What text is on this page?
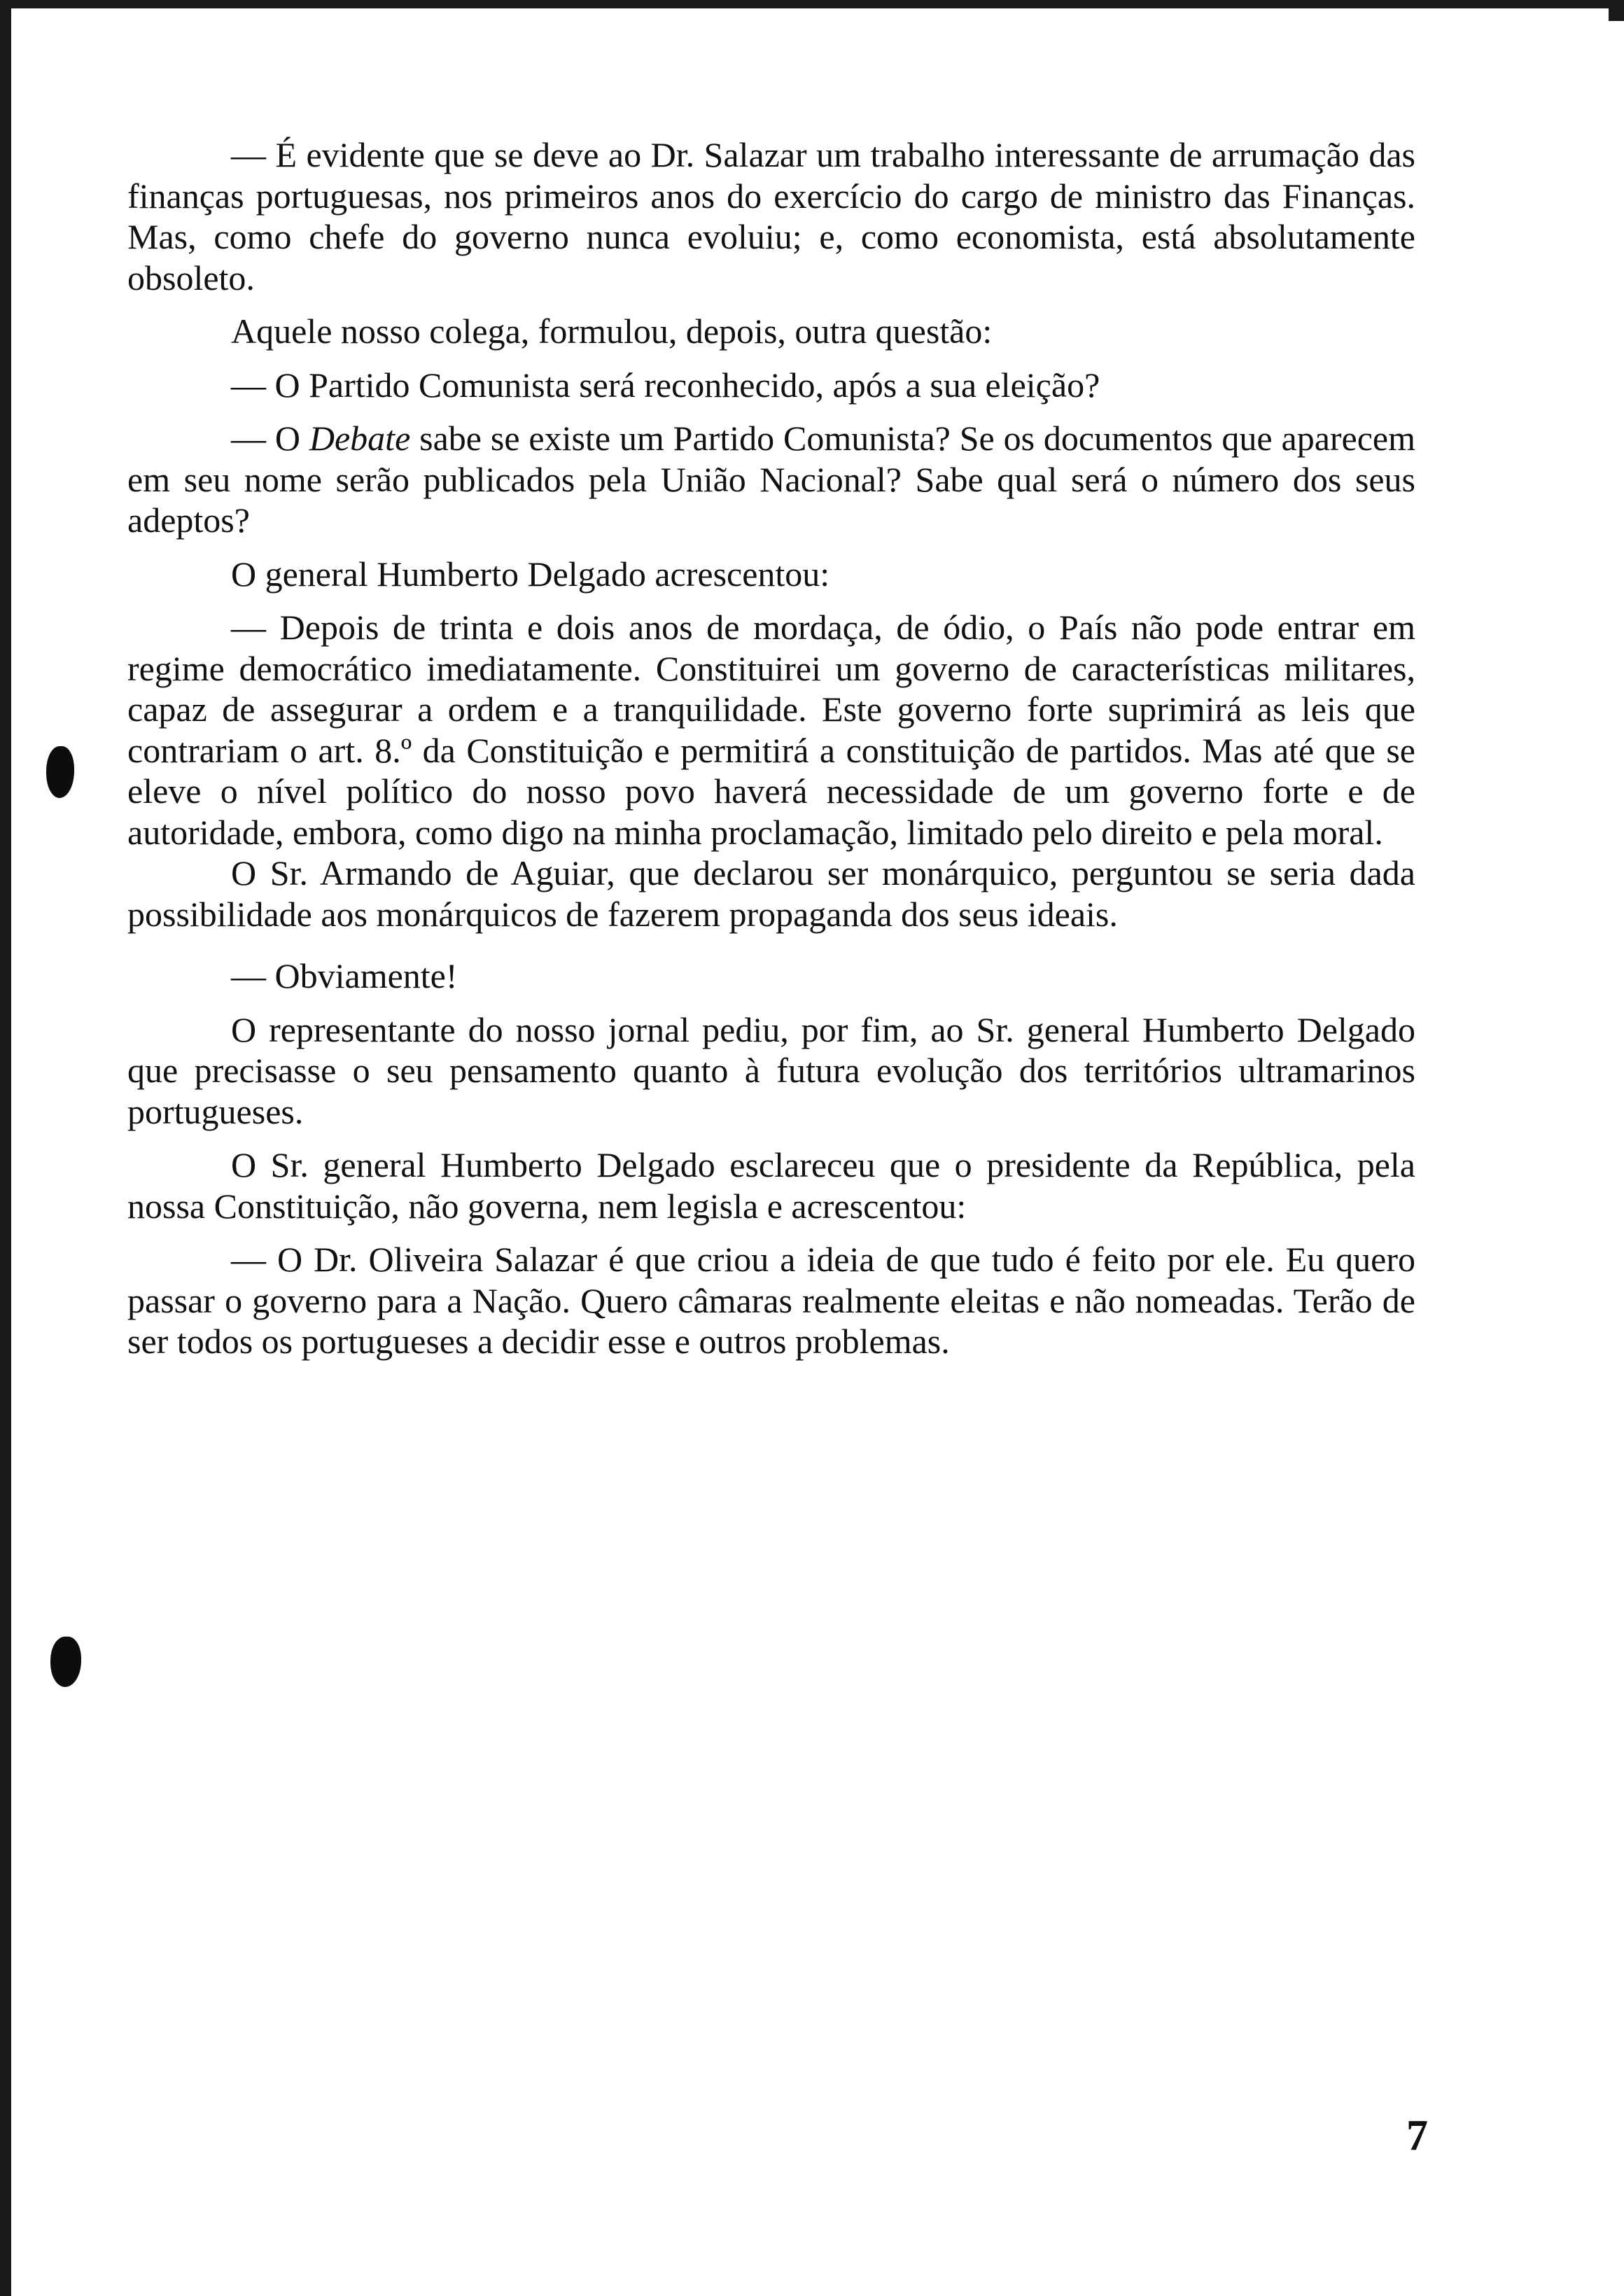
— É evidente que se deve ao Dr. Salazar um trabalho interessante de arrumação das finanças portuguesas, nos primeiros anos do exercício do cargo de ministro das Finanças. Mas, como chefe do governo nunca evoluiu; e, como economista, está absolutamente obsoleto.

Aquele nosso colega, formulou, depois, outra questão:

— O Partido Comunista será reconhecido, após a sua eleição?

— O Debate sabe se existe um Partido Comunista? Se os documentos que aparecem em seu nome serão publicados pela União Nacional? Sabe qual será o número dos seus adeptos?

O general Humberto Delgado acrescentou:

— Depois de trinta e dois anos de mordaça, de ódio, o País não pode entrar em regime democrático imediatamente. Constituirei um governo de características militares, capaz de assegurar a ordem e a tranquilidade. Este governo forte suprimirá as leis que contrariam o art. 8.º da Constituição e permitirá a constituição de partidos. Mas até que se eleve o nível político do nosso povo haverá necessidade de um governo forte e de autoridade, embora, como digo na minha proclamação, limitado pelo direito e pela moral.

O Sr. Armando de Aguiar, que declarou ser monárquico, perguntou se seria dada possibilidade aos monárquicos de fazerem propaganda dos seus ideais.

— Obviamente!

O representante do nosso jornal pediu, por fim, ao Sr. general Humberto Delgado que precisasse o seu pensamento quanto à futura evolução dos territórios ultramarinos portugueses.

O Sr. general Humberto Delgado esclareceu que o presidente da República, pela nossa Constituição, não governa, nem legisla e acrescentou:

— O Dr. Oliveira Salazar é que criou a ideia de que tudo é feito por ele. Eu quero passar o governo para a Nação. Quero câmaras realmente eleitas e não nomeadas. Terão de ser todos os portugueses a decidir esse e outros problemas.

7
